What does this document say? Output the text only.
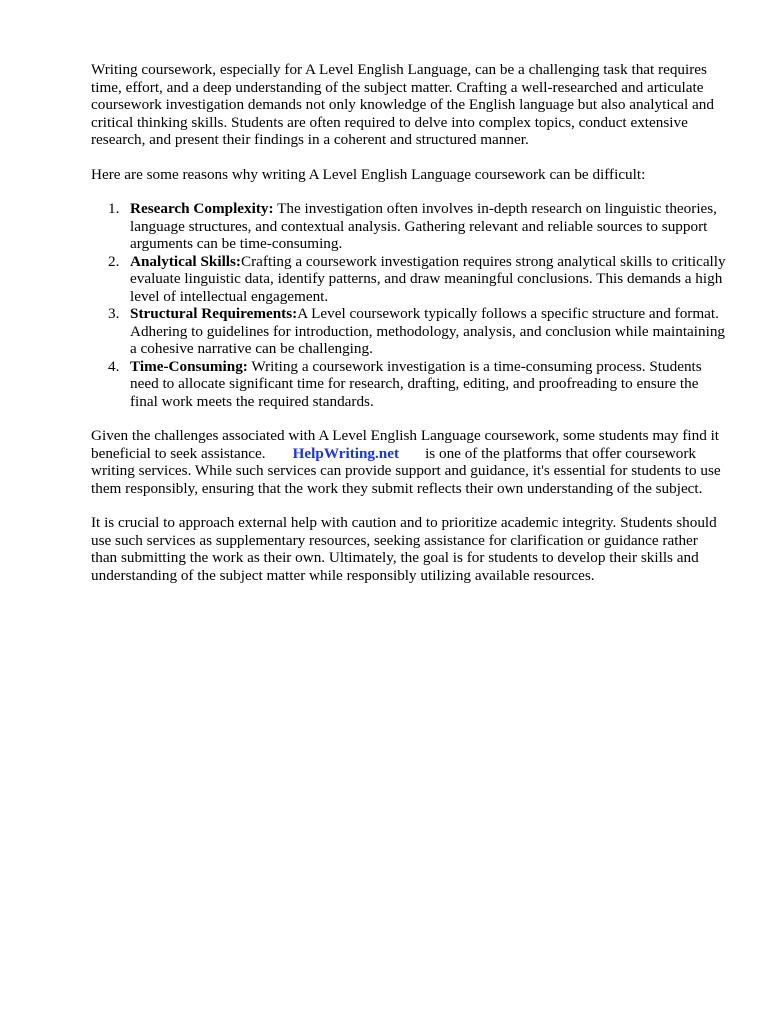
Writing coursework, especially for A Level English Language, can be a challenging task that requires time, effort, and a deep understanding of the subject matter. Crafting a well-researched and articulate coursework investigation demands not only knowledge of the English language but also analytical and critical thinking skills. Students are often required to delve into complex topics, conduct extensive research, and present their findings in a coherent and structured manner.

Here are some reasons why writing A Level English Language coursework can be difficult:

Research Complexity: The investigation often involves in-depth research on linguistic theories, language structures, and contextual analysis. Gathering relevant and reliable sources to support arguments can be time-consuming.
Analytical Skills:Crafting a coursework investigation requires strong analytical skills to critically evaluate linguistic data, identify patterns, and draw meaningful conclusions. This demands a high level of intellectual engagement.
Structural Requirements:A Level coursework typically follows a specific structure and format. Adhering to guidelines for introduction, methodology, analysis, and conclusion while maintaining a cohesive narrative can be challenging.
Time-Consuming: Writing a coursework investigation is a time-consuming process. Students need to allocate significant time for research, drafting, editing, and proofreading to ensure the final work meets the required standards.

Given the challenges associated with A Level English Language coursework, some students may find it beneficial to seek assistance. HelpWriting.net is one of the platforms that offer coursework writing services. While such services can provide support and guidance, it's essential for students to use them responsibly, ensuring that the work they submit reflects their own understanding of the subject.

It is crucial to approach external help with caution and to prioritize academic integrity. Students should use such services as supplementary resources, seeking assistance for clarification or guidance rather than submitting the work as their own. Ultimately, the goal is for students to develop their skills and understanding of the subject matter while responsibly utilizing available resources.
